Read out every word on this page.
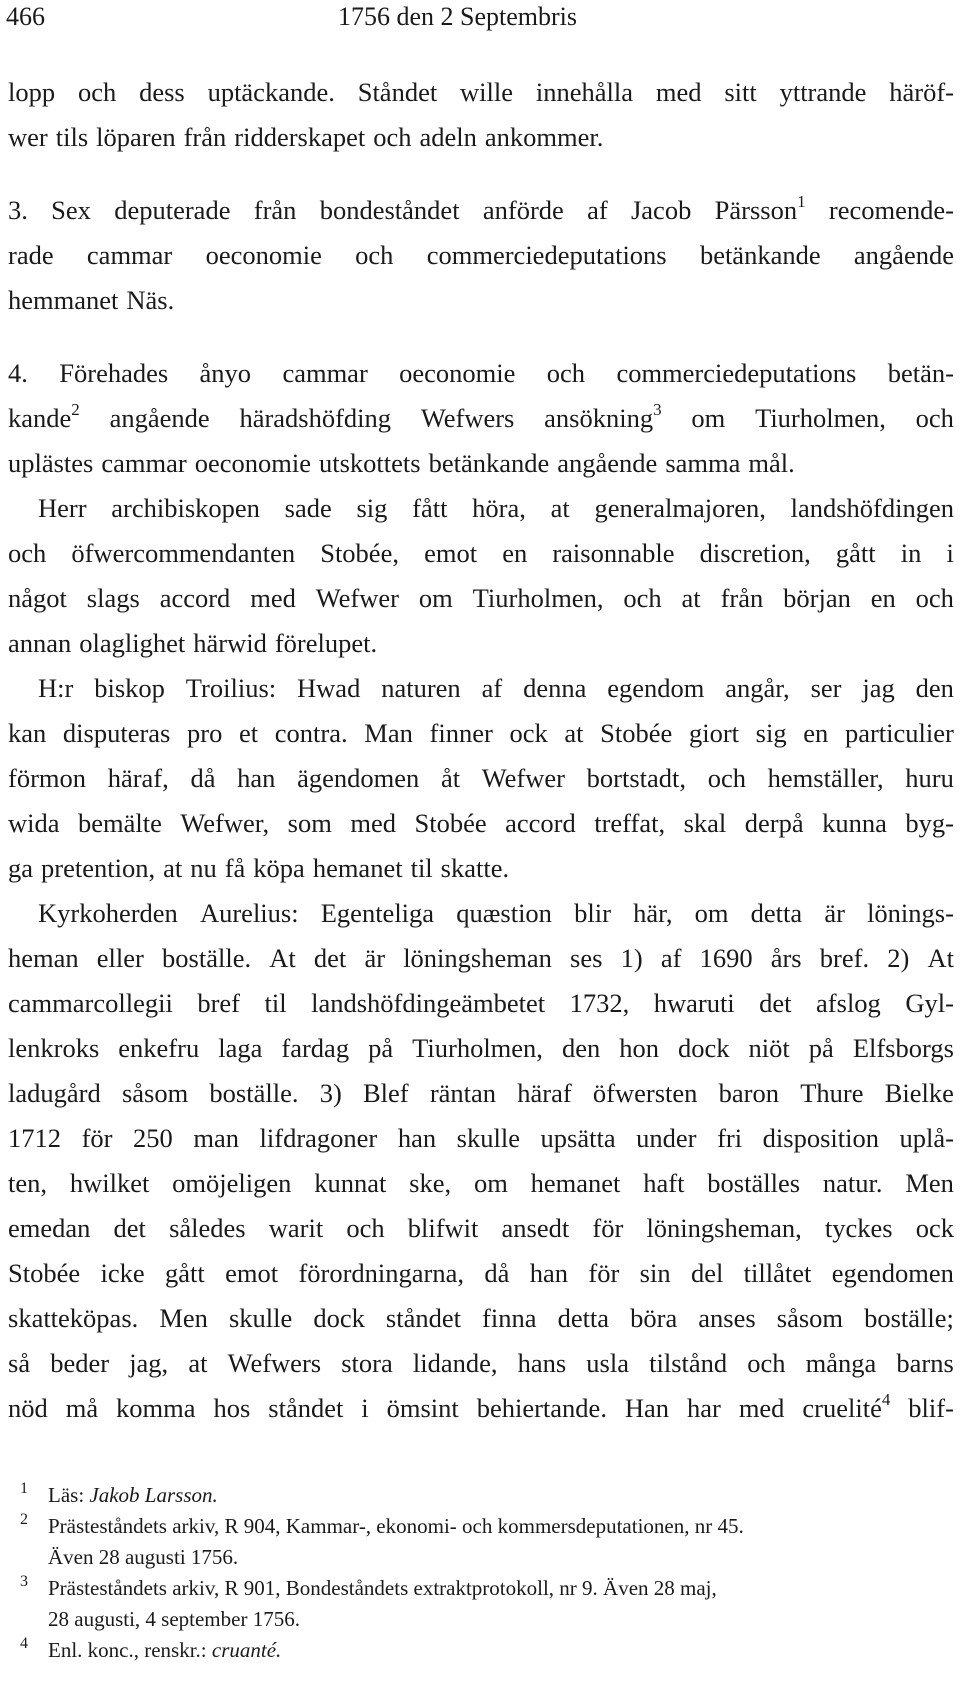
466	1756 den 2 Septembris
lopp och dess uptäckande. Ståndet wille innehålla med sitt yttrande häröf-
wer tils löparen från ridderskapet och adeln ankommer.
3. Sex deputerade från bondeståndet anförde af Jacob Pärsson$^1$ recomende-
rade cammar oeconomie och commerciedeputations betänkande angående
hemmanet Näs.
4. Förehades ånyo cammar oeconomie och commerciedeputations betän-
kande$^2$ angående häradshöfding Wefwers ansökning$^3$ om Tiurholmen, och
uplästes cammar oeconomie utskottets betänkande angående samma mål.
Herr archibiskopen sade sig fått höra, at generalmajoren, landshöfdingen
och öfwercommendanten Stobée, emot en raisonnable discretion, gått in i
något slags accord med Wefwer om Tiurholmen, och at från början en och
annan olaglighet härwid förelupet.
H:r biskop Troilius: Hwad naturen af denna egendom angår, ser jag den
kan disputeras pro et contra. Man finner ock at Stobée giort sig en particulier
förmon häraf, då han ägendomen åt Wefwer bortstadt, och hemställer, huru
wida bemälte Wefwer, som med Stobée accord treffat, skal derpå kunna byg-
ga pretention, at nu få köpa hemanet til skatte.
Kyrkoherden Aurelius: Egenteliga quæstion blir här, om detta är lönings-
heman eller boställe. At det är löningsheman ses 1) af 1690 års bref. 2) At
cammarcollegii bref til landshöfdingeämbetet 1732, hwaruti det afslog Gyl-
lenkroks enkefru laga fardag på Tiurholmen, den hon dock niöt på Elfsborgs
ladugård såsom boställe. 3) Blef räntan häraf öfwersten baron Thure Bielke
1712 för 250 man lifdragoner han skulle upsätta under fri disposition uplå-
ten, hwilket omöjeligen kunnat ske, om hemanet haft boställes natur. Men
emedan det således warit och blifwit ansedt för löningsheman, tyckes ock
Stobée icke gått emot förordningarna, då han för sin del tillåtet egendomen
skatteköpas. Men skulle dock ståndet finna detta böra anses såsom boställe;
så beder jag, at Wefwers stora lidande, hans usla tilstånd och många barns
nöd må komma hos ståndet i ömsint behiertande. Han har med cruelité$^4$ blif-
1 Läs: Jakob Larsson.
2 Prästeståndets arkiv, R 904, Kammar-, ekonomi- och kommersdeputationen, nr 45.
Även 28 augusti 1756.
3 Prästeståndets arkiv, R 901, Bondeståndets extraktprotokoll, nr 9. Även 28 maj,
28 augusti, 4 september 1756.
4 Enl. konc., renskr.: cruanté.
